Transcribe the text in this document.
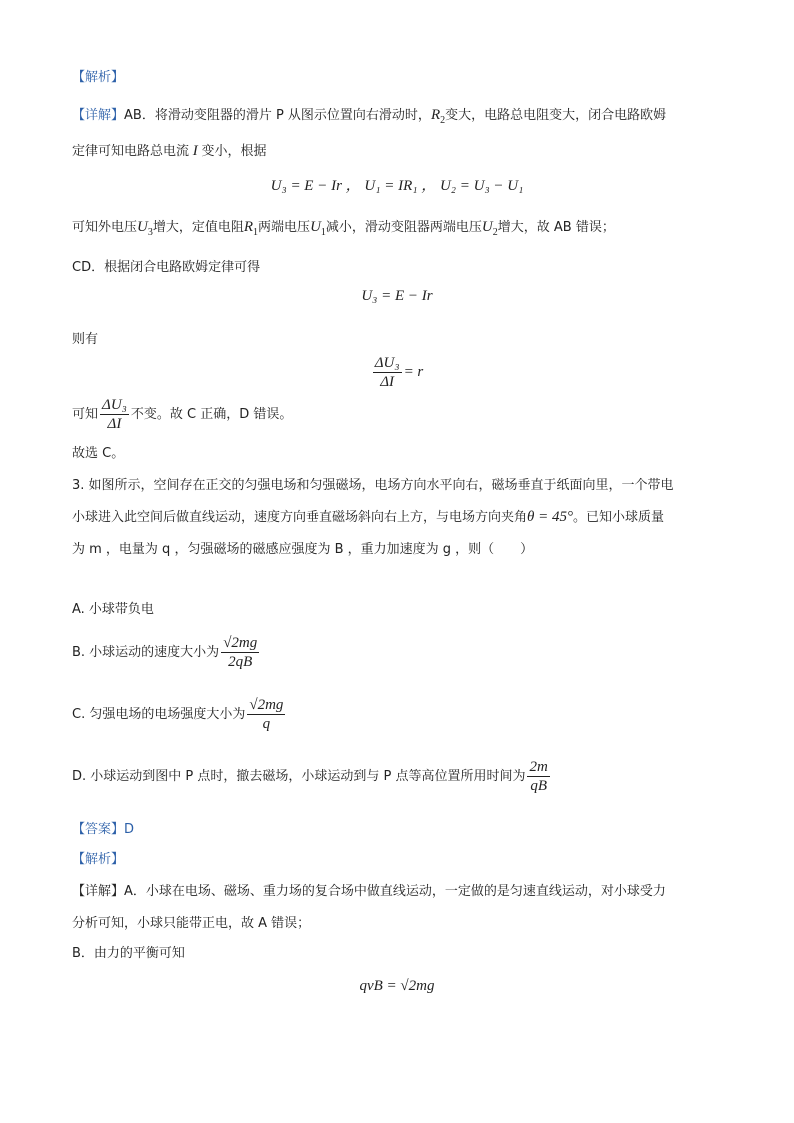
【解析】
【详解】AB．将滑动变阻器的滑片 P 从图示位置向右滑动时，$R_2$变大，电路总电阻变大，闭合电路欧姆
定律可知电路总电流 I 变小，根据
U₃ = E − Ir ， U₁ = IR₁ ， U₂ = U₃ − U₁
可知外电压$U_3$增大，定值电阻$R_1$两端电压$U_1$减小，滑动变阻器两端电压$U_2$增大，故 AB 错误；
CD．根据闭合电路欧姆定律可得
U₃ = E − Ir
则有
$\frac{\text{ΔU₃}}{\Delta I} = r$
可知 $\frac{\text{ΔU₃}}{\Delta I}$ 不变。故 C 正确，D 错误。
故选 C。
3. 如图所示，空间存在正交的匀强电场和匀强磁场，电场方向水平向右，磁场垂直于纸面向里，一个带电
小球进入此空间后做直线运动，速度方向垂直磁场斜向右上方，与电场方向夹角θ = 45°。已知小球质量
为 m ，电量为 q ，匀强磁场的磁感应强度为 B ，重力加速度为 g ，则（　　）
A. 小球带负电
B. 小球运动的速度大小为 $\frac{√2mg}{2qB}$
C. 匀强电场的电场强度大小为 $\frac{√2mg}{q}$
D. 小球运动到图中 P 点时，撤去磁场，小球运动到与 P 点等高位置所用时间为 $\frac{2m}{qB}$
【答案】D
【解析】
【详解】A．小球在电场、磁场、重力场的复合场中做直线运动，一定做的是匀速直线运动，对小球受力
分析可知，小球只能带正电，故 A 错误；
B．由力的平衡可知
qvB = √2mg
